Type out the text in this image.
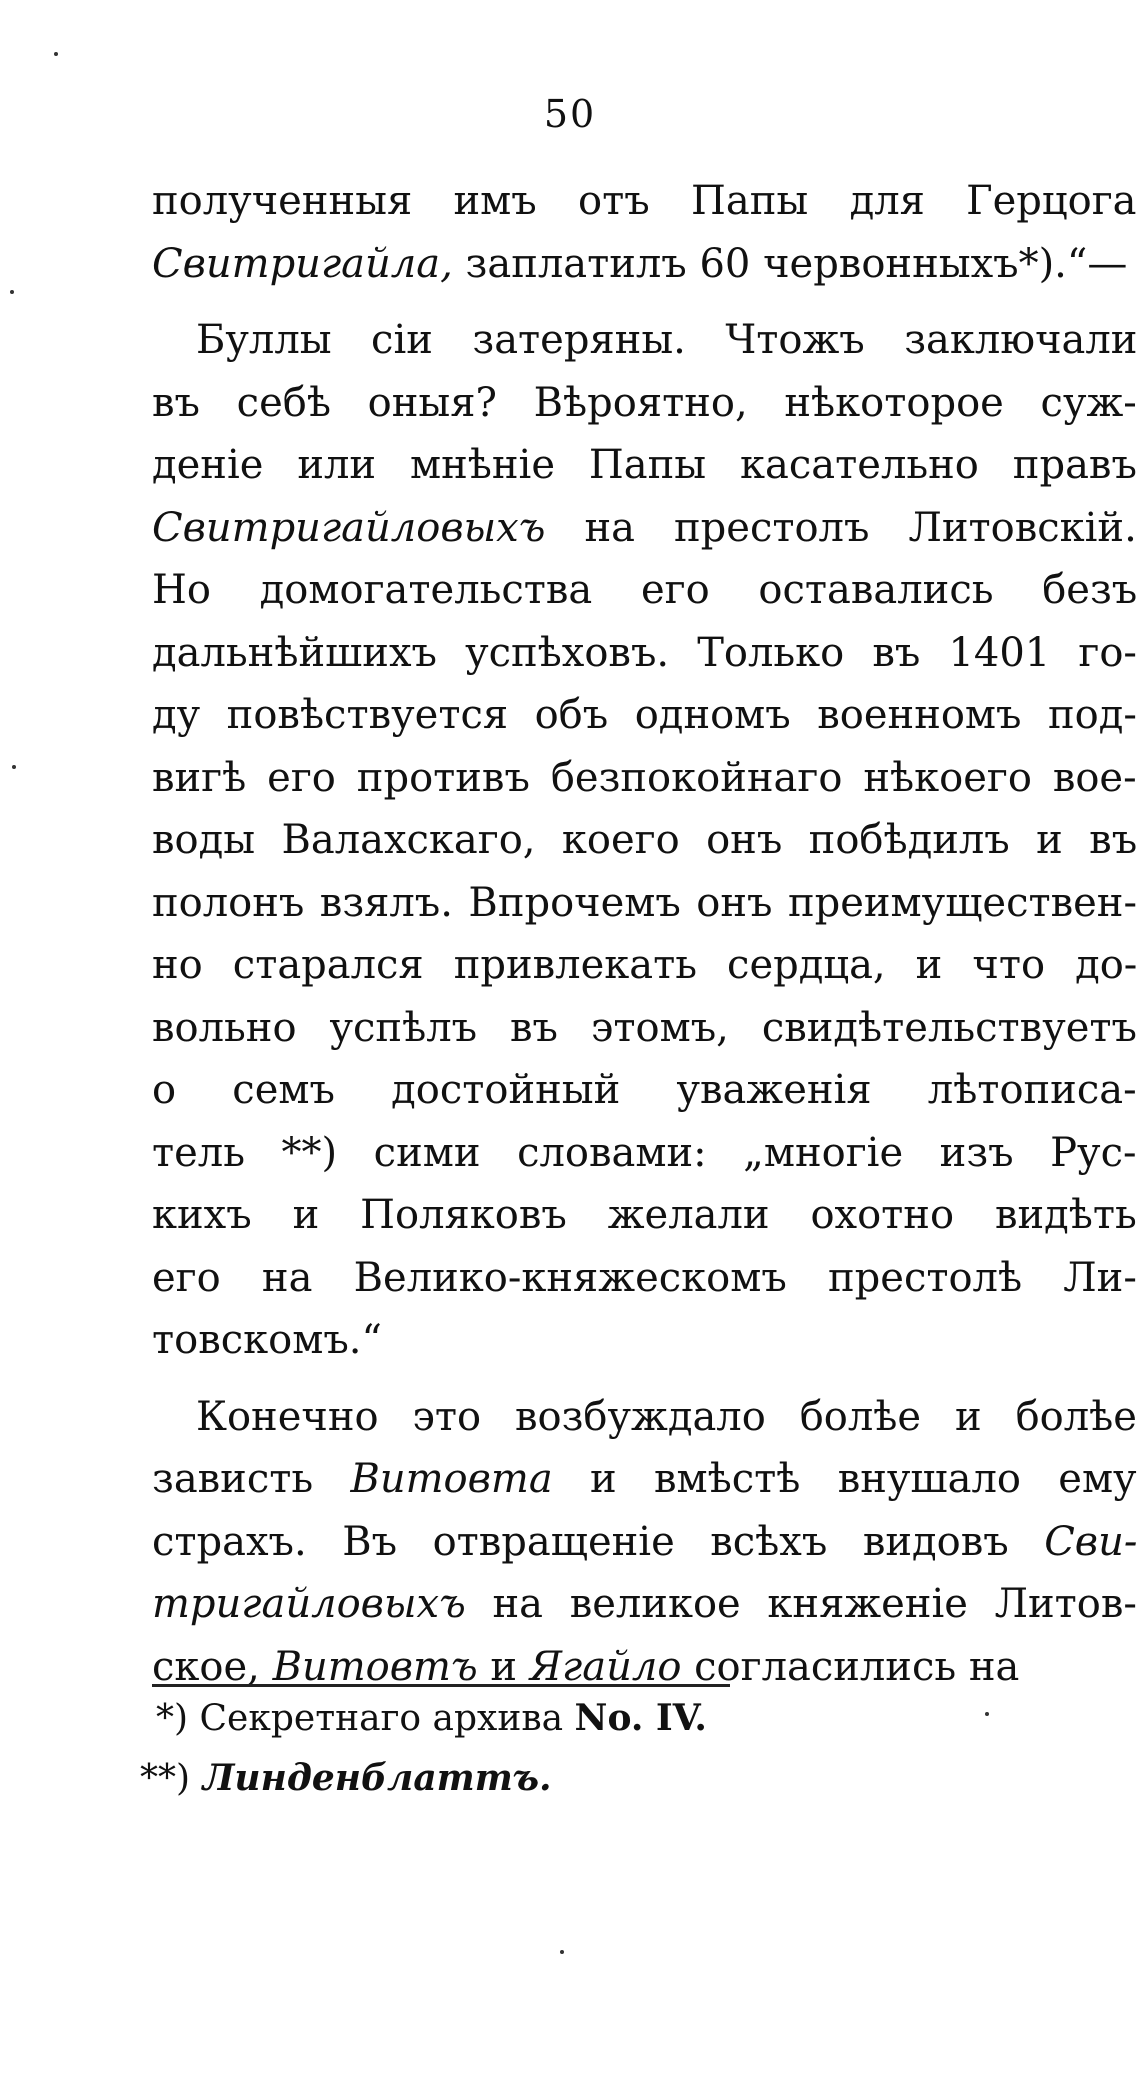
50
полученныя имъ отъ Папы для Герцога
Свитригайла, заплатилъ 60 червонныхъ*).“—
Буллы сіи затеряны. Чтожъ заключали
въ себѣ оныя? Вѣроятно, нѣкоторое суж-
деніе или мнѣніе Папы касательно правъ
Свитригайловыхъ на престолъ Литовскій.
Но домогательства его оставались безъ
дальнѣйшихъ успѣховъ. Только въ 1401 го-
ду повѣствуется объ одномъ военномъ под-
вигѣ его противъ безпокойнаго нѣкоего вое-
воды Валахскаго, коего онъ побѣдилъ и въ
полонъ взялъ. Впрочемъ онъ преимуществен-
но старался привлекать сердца, и что до-
вольно успѣлъ въ этомъ, свидѣтельствуетъ
о семъ достойный уваженія лѣтописа-
тель **) сими словами: „многіе изъ Рус-
кихъ и Поляковъ желали охотно видѣть
его на Велико-княжескомъ престолѣ Ли-
товскомъ.“
Конечно это возбуждало болѣе и болѣе
зависть Витовта и вмѣстѣ внушало ему
страхъ. Въ отвращеніе всѣхъ видовъ Сви-
тригайловыхъ на великое княженіе Литов-
ское, Витовтъ и Ягайло согласились на
*) Секретнаго архива No. IV.
**) Линденблаттъ.
